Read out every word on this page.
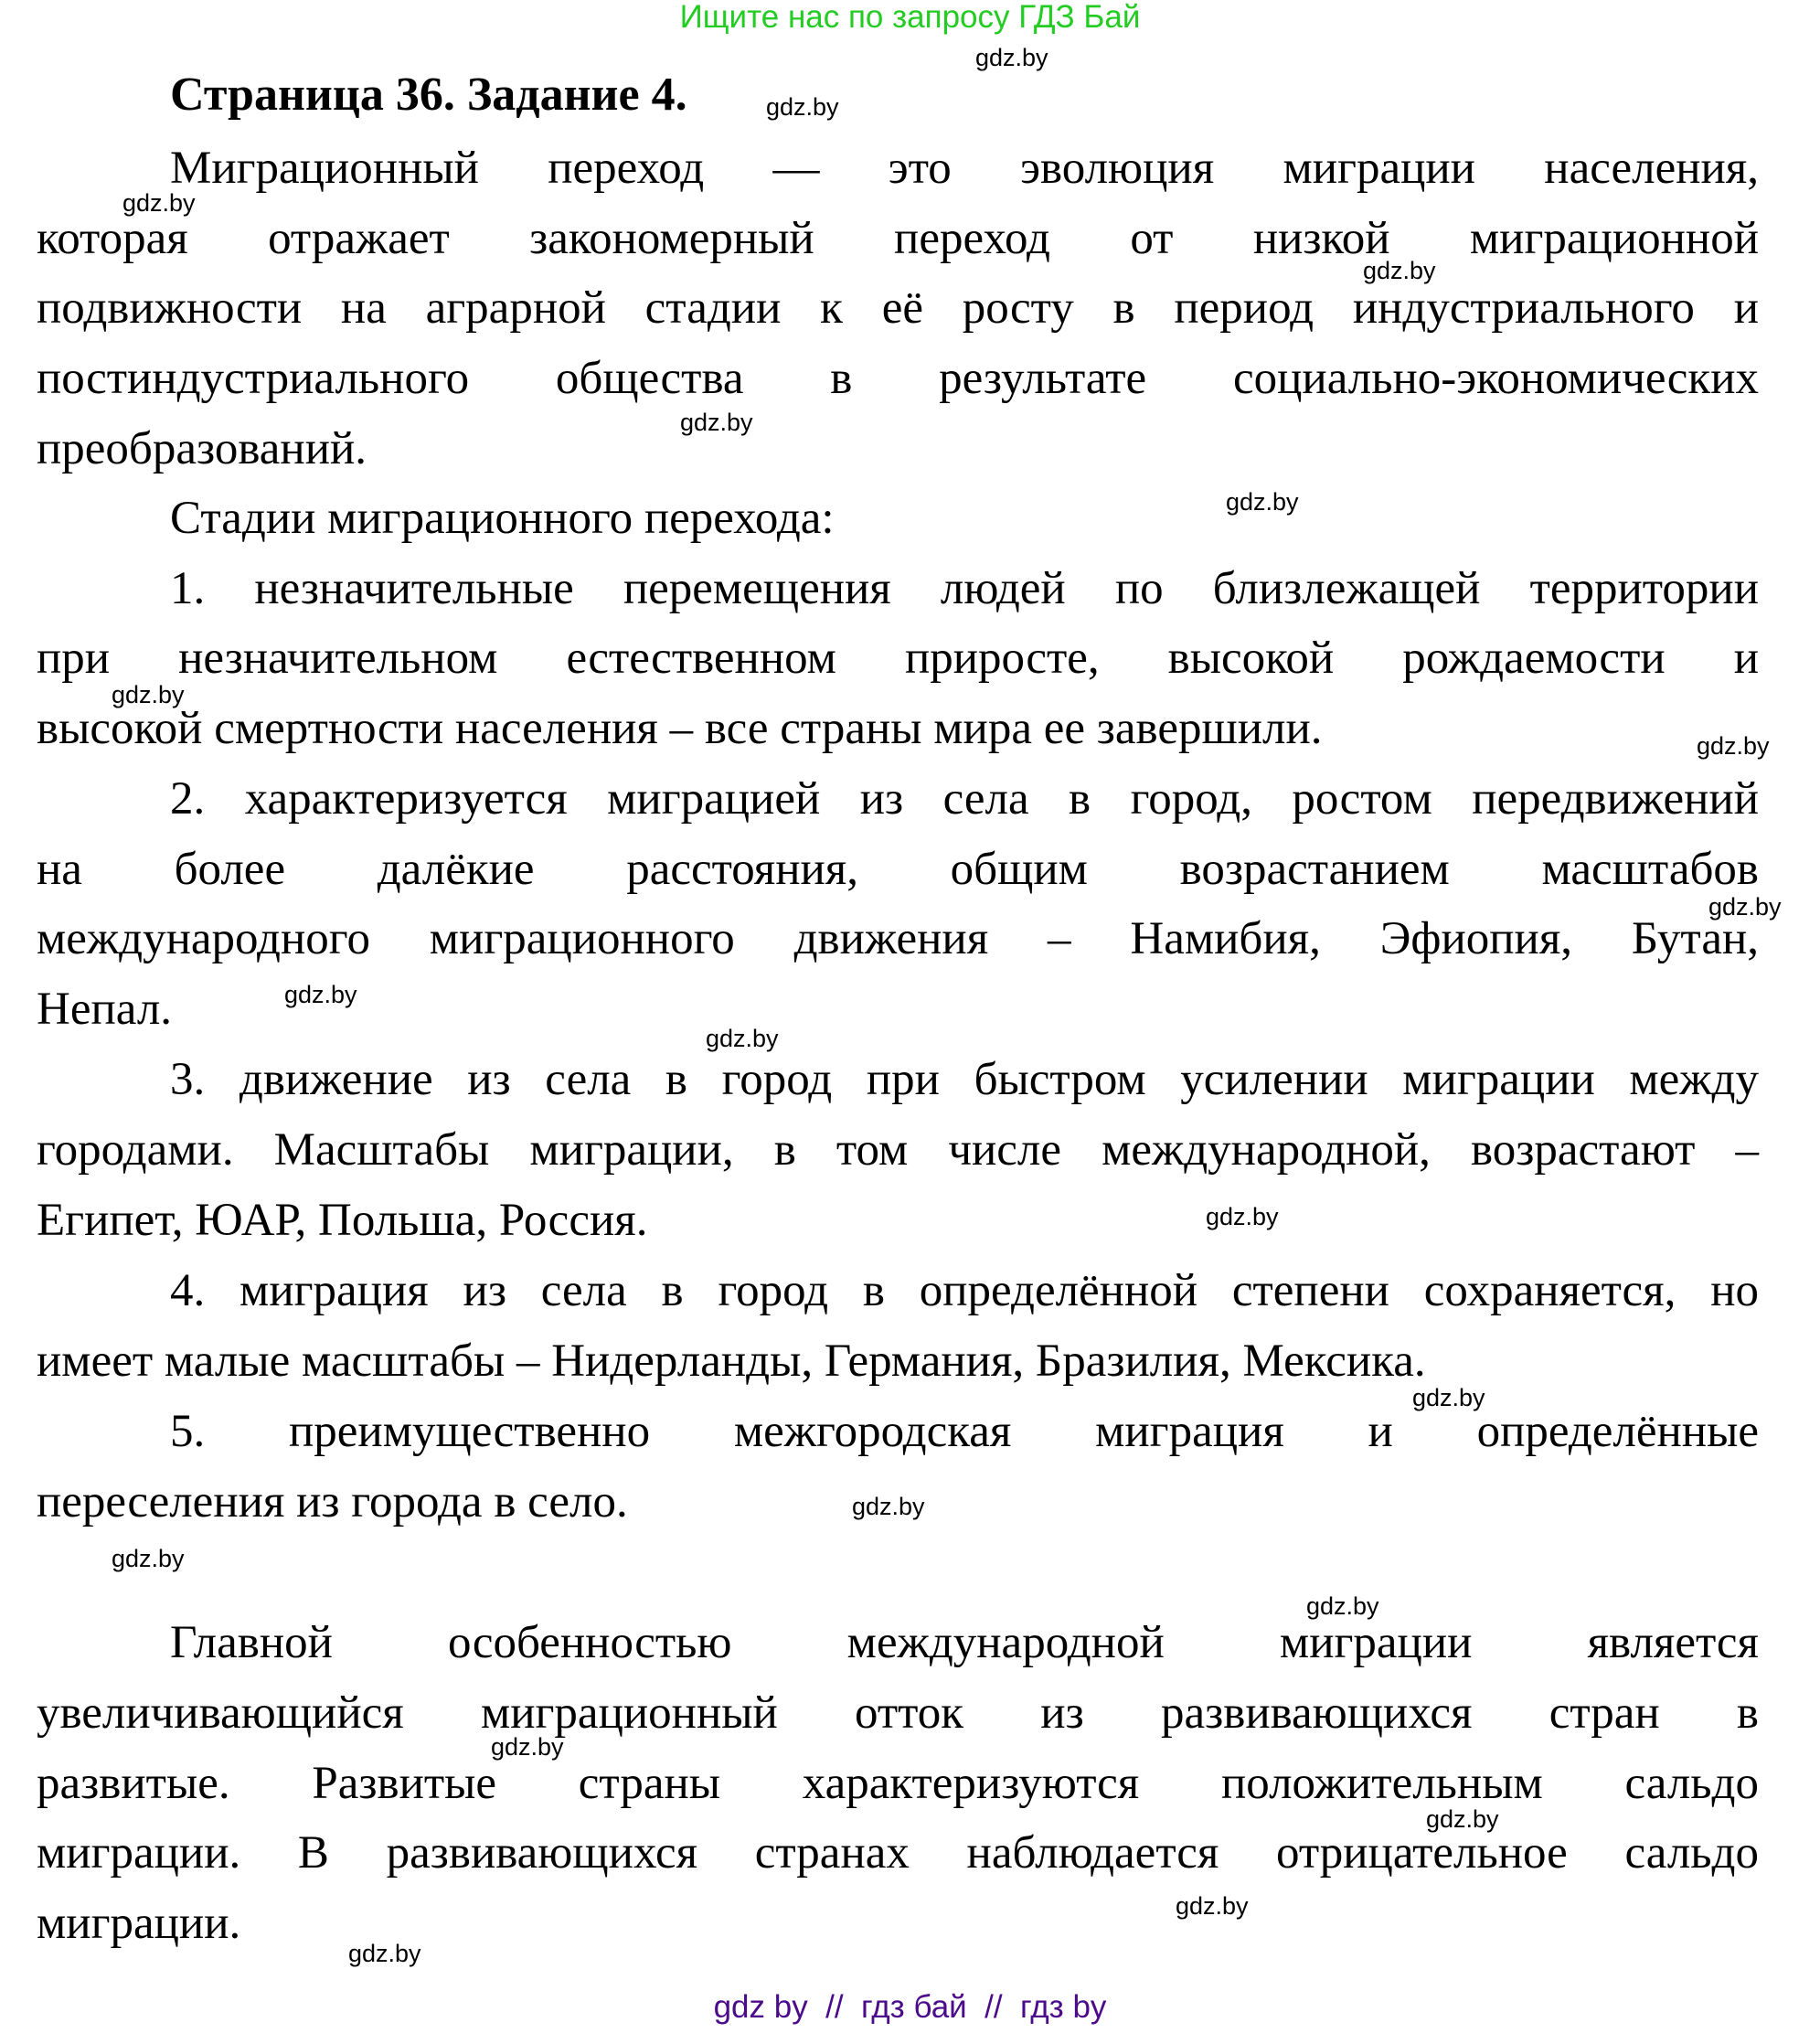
Ищите нас по запросу ГДЗ Бай
Страница 36. Задание 4.
Миграционный переход — это эволюция миграции населения,
которая отражает закономерный переход от низкой миграционной
подвижности на аграрной стадии к её росту в период индустриального и
постиндустриального общества в результате социально-экономических
преобразований.
Стадии миграционного перехода:
1. незначительные перемещения людей по близлежащей территории
при незначительном естественном приросте, высокой рождаемости и
высокой смертности населения – все страны мира ее завершили.
2. характеризуется миграцией из села в город, ростом передвижений
на более далёкие расстояния, общим возрастанием масштабов
международного миграционного движения – Намибия, Эфиопия, Бутан,
Непал.
3. движение из села в город при быстром усилении миграции между
городами. Масштабы миграции, в том числе международной, возрастают –
Египет, ЮАР, Польша, Россия.
4. миграция из села в город в определённой степени сохраняется, но
имеет малые масштабы – Нидерланды, Германия, Бразилия, Мексика.
5. преимущественно межгородская миграция и определённые
переселения из города в село.
Главной особенностью международной миграции является
увеличивающийся миграционный отток из развивающихся стран в
развитые. Развитые страны характеризуются положительным сальдо
миграции. В развивающихся странах наблюдается отрицательное сальдо
миграции.
gdz.by
gdz.by
gdz.by
gdz.by
gdz.by
gdz.by
gdz.by
gdz.by
gdz.by
gdz.by
gdz.by
gdz.by
gdz.by
gdz.by
gdz.by
gdz.by
gdz.by
gdz.by
gdz.by
gdz.by
gdz by  //  гдз бай  //  гдз by
